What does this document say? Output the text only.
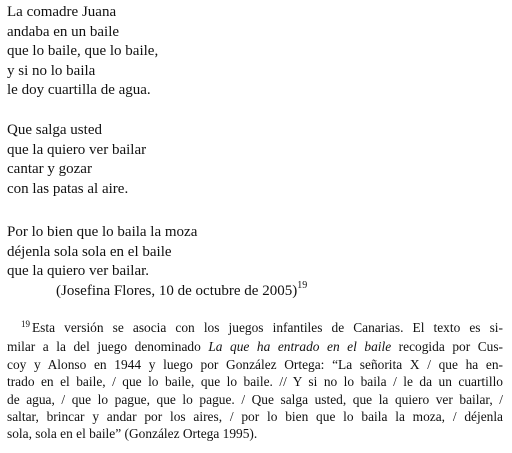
La comadre Juana
andaba en un baile
que lo baile, que lo baile,
y si no lo baila
le doy cuartilla de agua.
Que salga usted
que la quiero ver bailar
cantar y gozar
con las patas al aire.
Por lo bien que lo baila la moza
déjenla sola sola en el baile
que la quiero ver bailar.
(Josefina Flores, 10 de octubre de 2005)$^{19}$
$^{19}$ Esta versión se asocia con los juegos infantiles de Canarias. El texto es si-
milar a la del juego denominado La que ha entrado en el baile recogida por Cus-
coy y Alonso en 1944 y luego por González Ortega: “La señorita X / que ha en-
trado en el baile, / que lo baile, que lo baile. // Y si no lo baila / le da un cuartillo
de agua, / que lo pague, que lo pague. / Que salga usted, que la quiero ver bailar, /
saltar, brincar y andar por los aires, / por lo bien que lo baila la moza, / déjenla
sola, sola en el baile” (González Ortega 1995).
